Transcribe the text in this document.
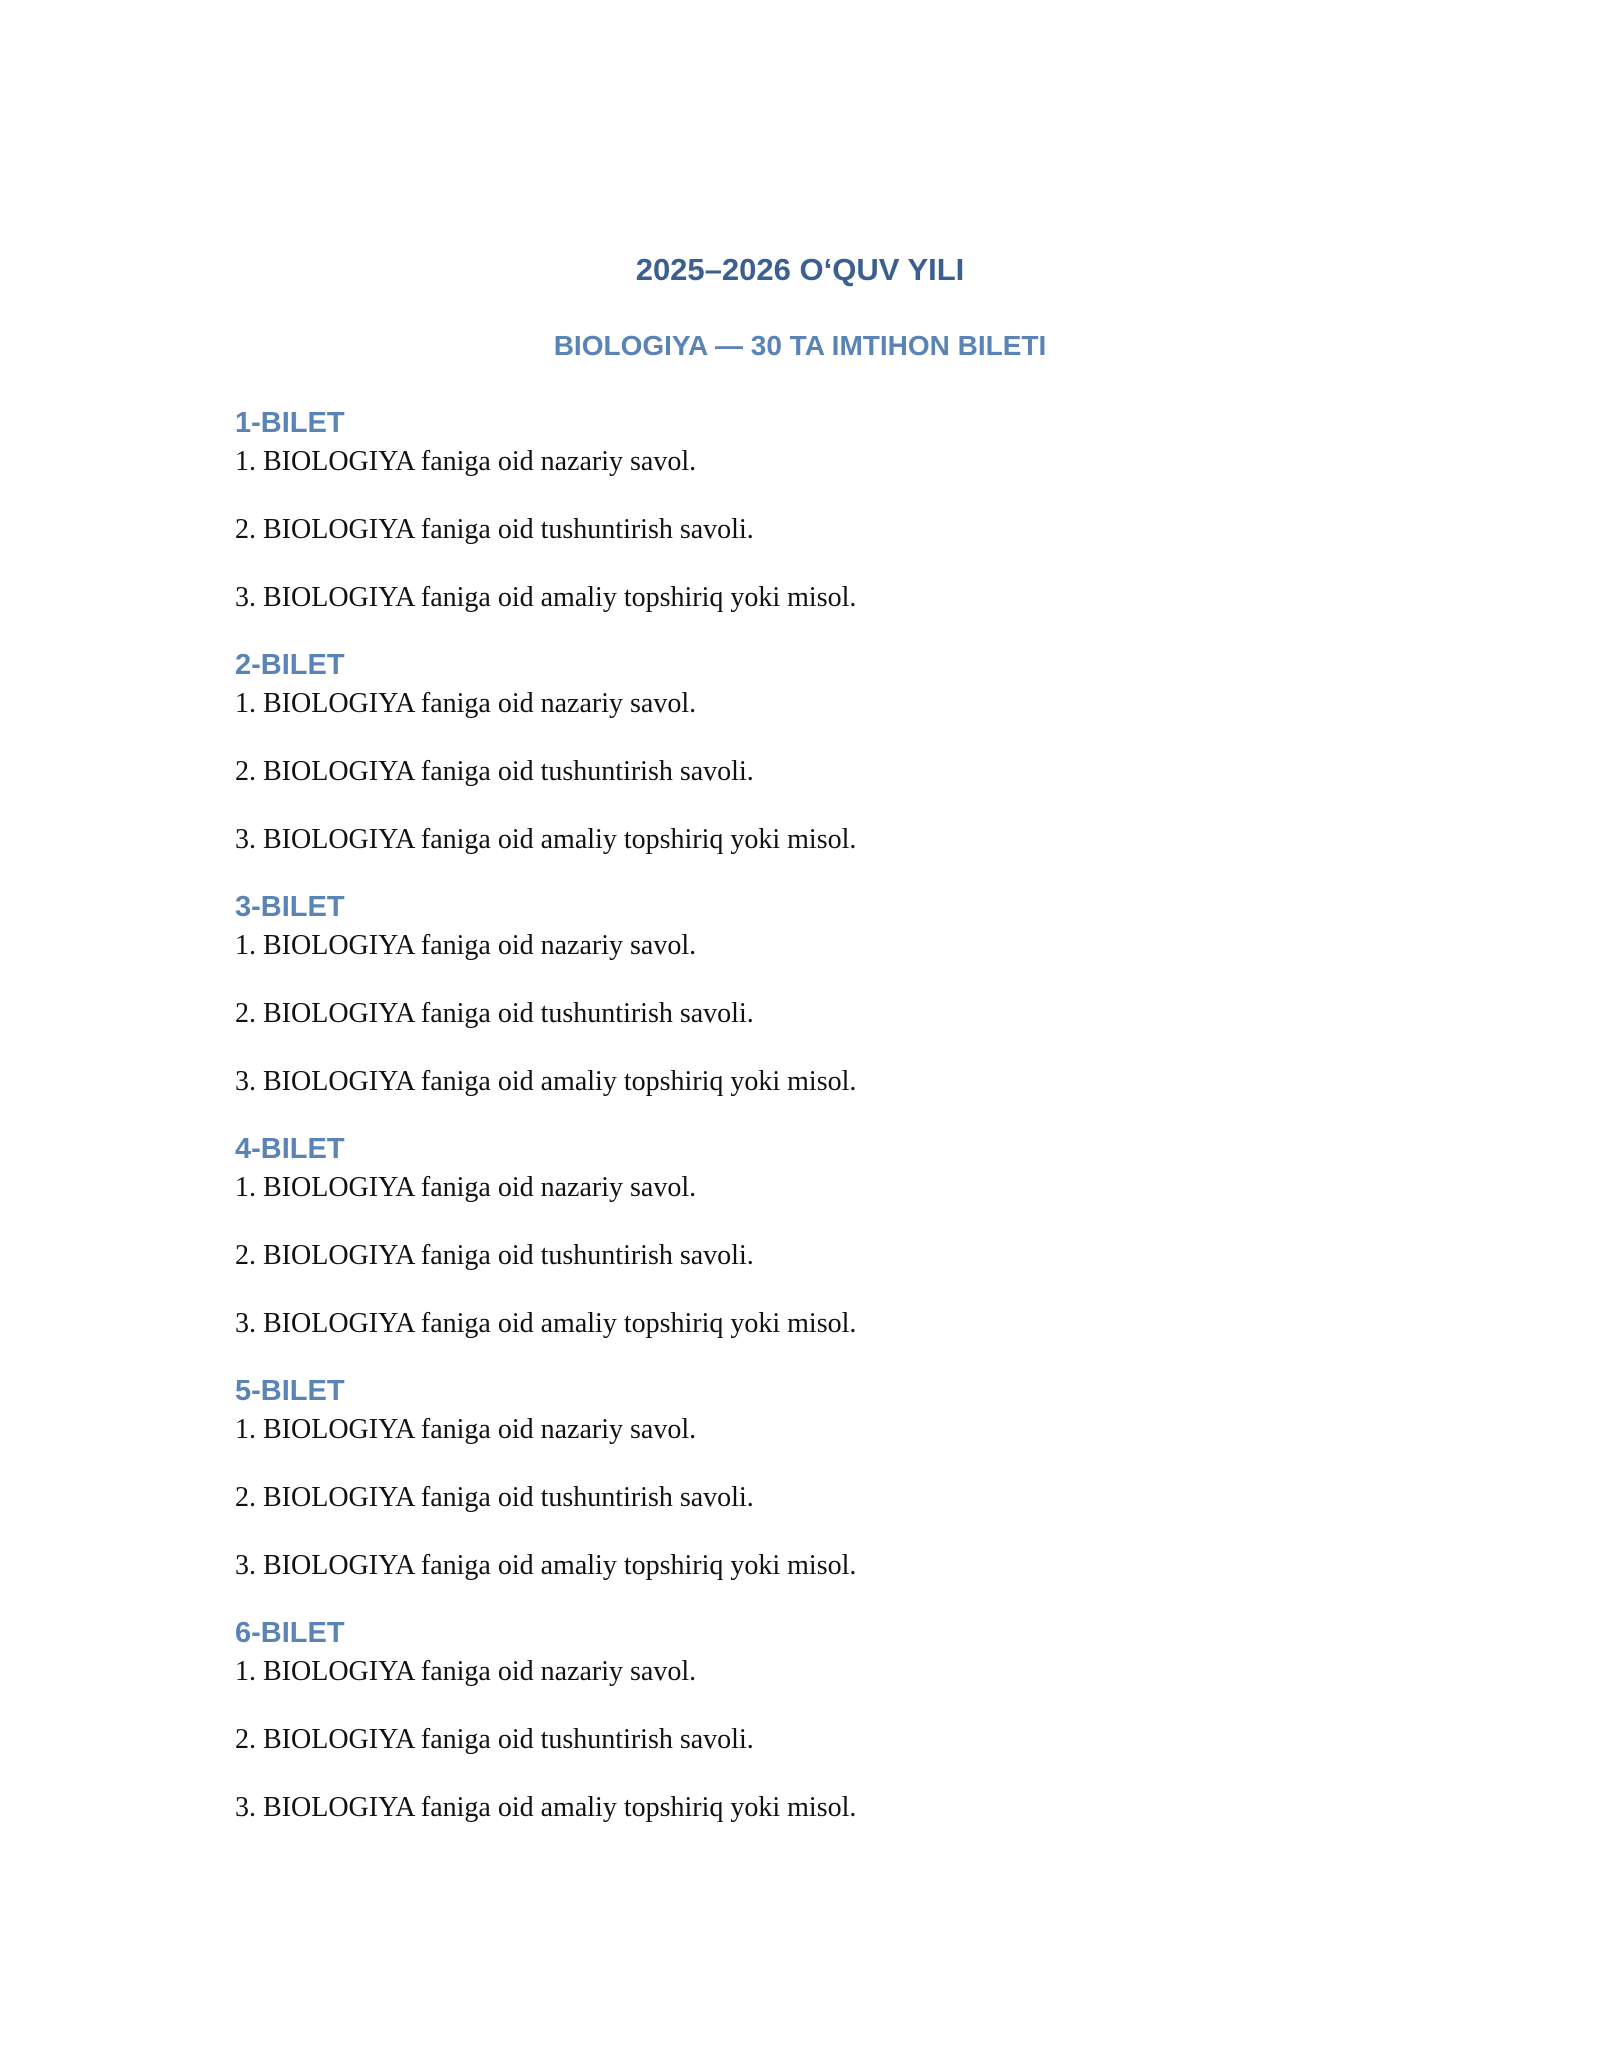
2025–2026 O‘QUV YILI
BIOLOGIYA — 30 TA IMTIHON BILETI
1-BILET

1. BIOLOGIYA faniga oid nazariy savol.

2. BIOLOGIYA faniga oid tushuntirish savoli.

3. BIOLOGIYA faniga oid amaliy topshiriq yoki misol.

2-BILET

1. BIOLOGIYA faniga oid nazariy savol.

2. BIOLOGIYA faniga oid tushuntirish savoli.

3. BIOLOGIYA faniga oid amaliy topshiriq yoki misol.

3-BILET

1. BIOLOGIYA faniga oid nazariy savol.

2. BIOLOGIYA faniga oid tushuntirish savoli.

3. BIOLOGIYA faniga oid amaliy topshiriq yoki misol.

4-BILET

1. BIOLOGIYA faniga oid nazariy savol.

2. BIOLOGIYA faniga oid tushuntirish savoli.

3. BIOLOGIYA faniga oid amaliy topshiriq yoki misol.

5-BILET

1. BIOLOGIYA faniga oid nazariy savol.

2. BIOLOGIYA faniga oid tushuntirish savoli.

3. BIOLOGIYA faniga oid amaliy topshiriq yoki misol.

6-BILET

1. BIOLOGIYA faniga oid nazariy savol.

2. BIOLOGIYA faniga oid tushuntirish savoli.

3. BIOLOGIYA faniga oid amaliy topshiriq yoki misol.
